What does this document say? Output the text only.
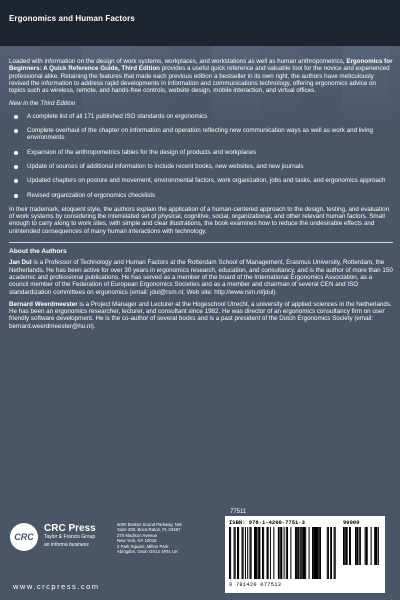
Ergonomics and Human Factors

Loaded with information on the design of work systems, workplaces, and workstations as well as human anthropometrics, Ergonomics for Beginners: A Quick Reference Guide, Third Edition provides a useful quick reference and valuable tool for the novice and experienced professional alike. Retaining the features that made each previous edition a bestseller in its own right, the authors have meticulously revised the information to address rapid developments in information and communications technology, offering ergonomics advice on topics such as wireless, remote, and hands-free controls, website design, mobile interaction, and virtual offices.

New in the Third Edition

A complete list of all 171 published ISO standards on ergonomics
Complete overhaul of the chapter on information and operation reflecting new communication ways as well as work and living environments
Expansion of the anthropometrics tables for the design of products and workplaces
Update of sources of additional information to include recent books, new websites, and new journals
Updated chapters on posture and movement, environmental factors, work organization, jobs and tasks, and ergonomics approach
Revised organization of ergonomics checklists

In their trademark, eloquent style, the authors explain the application of a human-centered approach to the design, testing, and evaluation of work systems by considering the interrelated set of physical, cognitive, social, organizational, and other relevant human factors. Small enough to carry along to work sites, with simple and clear illustrations, the book examines how to reduce the undesirable effects and unintended consequences of many human interactions with technology.

About the Authors

Jan Dul is a Professor of Technology and Human Factors at the Rotterdam School of Management, Erasmus University, Rotterdam, the Netherlands. He has been active for over 30 years in ergonomics research, education, and consultancy, and is the author of more than 150 academic and professional publications. He has served as a member of the board of the International Ergonomics Association, as a council member of the Federation of European Ergonomics Societies and as a member and chairman of several CEN and ISO standardization committees on ergonomics (email: jdul@rsm.nl; Web site: http://www.rsm.nl/jdul).

Bernard Weerdmeester is a Project Manager and Lecturer at the Hogeschool Utrecht, a university of applied sciences in the Netherlands. He has been an ergonomics researcher, lecturer, and consultant since 1982. He was director of an ergonomics consultancy firm on user friendly software development. He is the co-author of several books and is a past president of the Dutch Ergonomics Society (email: bernard.weerdmeester@hu.nl).

77511
CRC
CRC Press
Taylor & Francis Group
an informa business
6000 Broken Sound Parkway, NW
Suite 300, Boca Raton, FL 33487
270 Madison Avenue
New York, NY 10016
2 Park Square, Milton Park
Abingdon, Oxon OX14 4RN, UK
www.crcpress.com
ISBN: 978-1-4200-7751-3	90000
9 781420 077513
